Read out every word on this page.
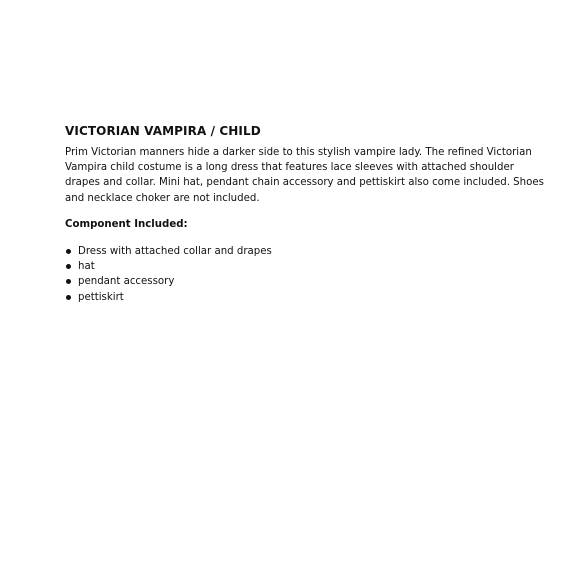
VICTORIAN VAMPIRA / CHILD
Prim Victorian manners hide a darker side to this stylish vampire lady. The refined Victorian Vampira child costume is a long dress that features lace sleeves with attached shoulder drapes and collar. Mini hat, pendant chain accessory and pettiskirt also come included. Shoes and necklace choker are not included.
Component Included:
Dress with attached collar and drapes
hat
pendant accessory
pettiskirt
